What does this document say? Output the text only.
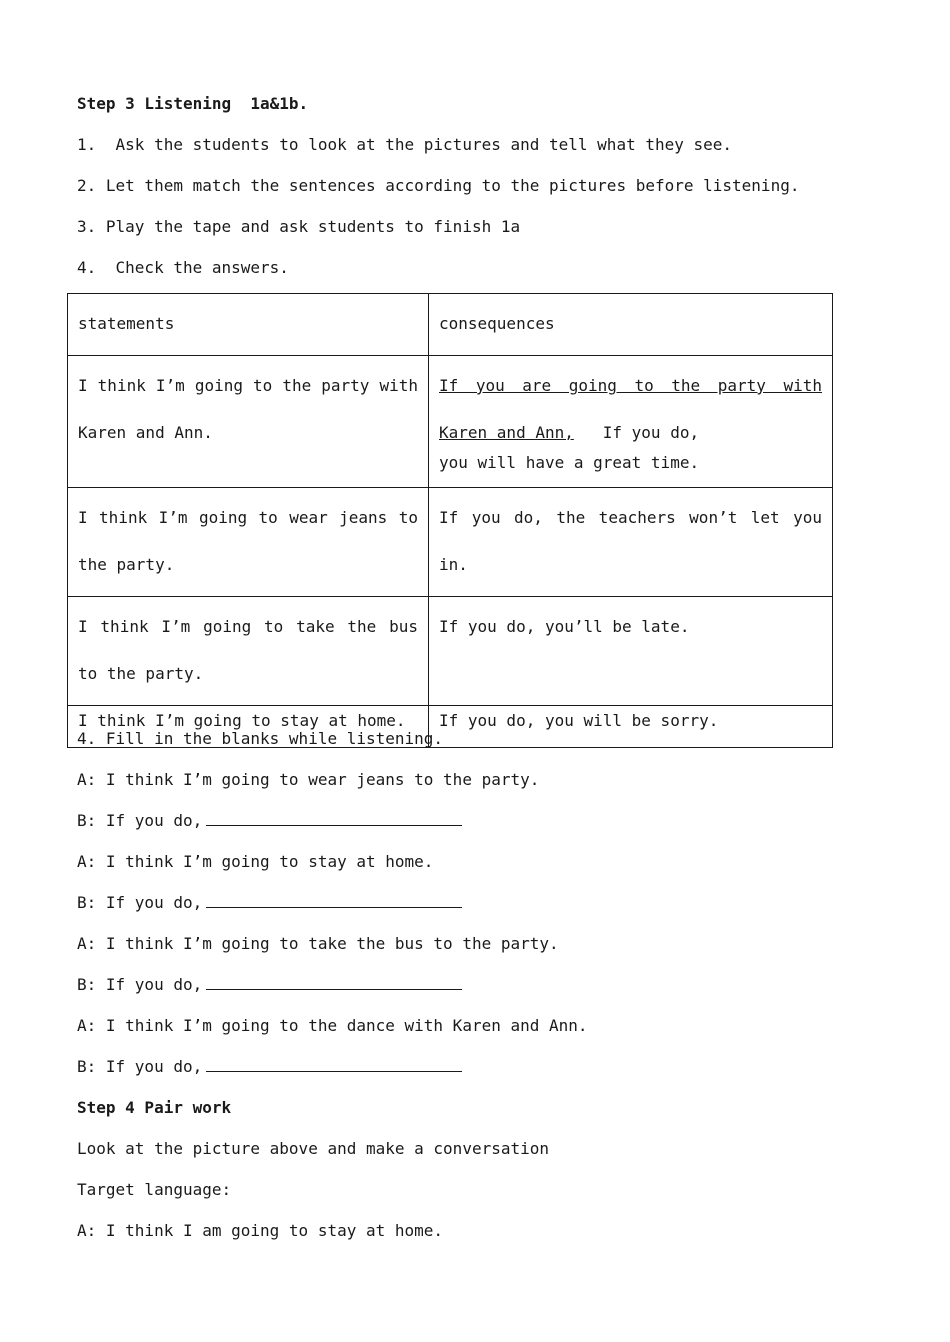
Step 3 Listening  1a&1b.
1.  Ask the students to look at the pictures and tell what they see.
2. Let them match the sentences according to the pictures before listening.
3. Play the tape and ask students to finish 1a
4.  Check the answers.
statements	consequences

I think I’m going to the party with Karen and Ann.	If you are going to the party with Karen and Ann,   If you do,
you will have a great time.

I think I’m going to wear jeans to the party.	If you do, the teachers won’t let you in.

I think I’m going to take the bus to the party.	If you do, you’ll be late.

I think I’m going to stay at home.	If you do, you will be sorry.
4. Fill in the blanks while listening.
A: I think I’m going to wear jeans to the party.
B: If you do,
A: I think I’m going to stay at home.
B: If you do,
A: I think I’m going to take the bus to the party.
B: If you do,
A: I think I’m going to the dance with Karen and Ann.
B: If you do,
Step 4 Pair work
Look at the picture above and make a conversation
Target language:
A: I think I am going to stay at home.
